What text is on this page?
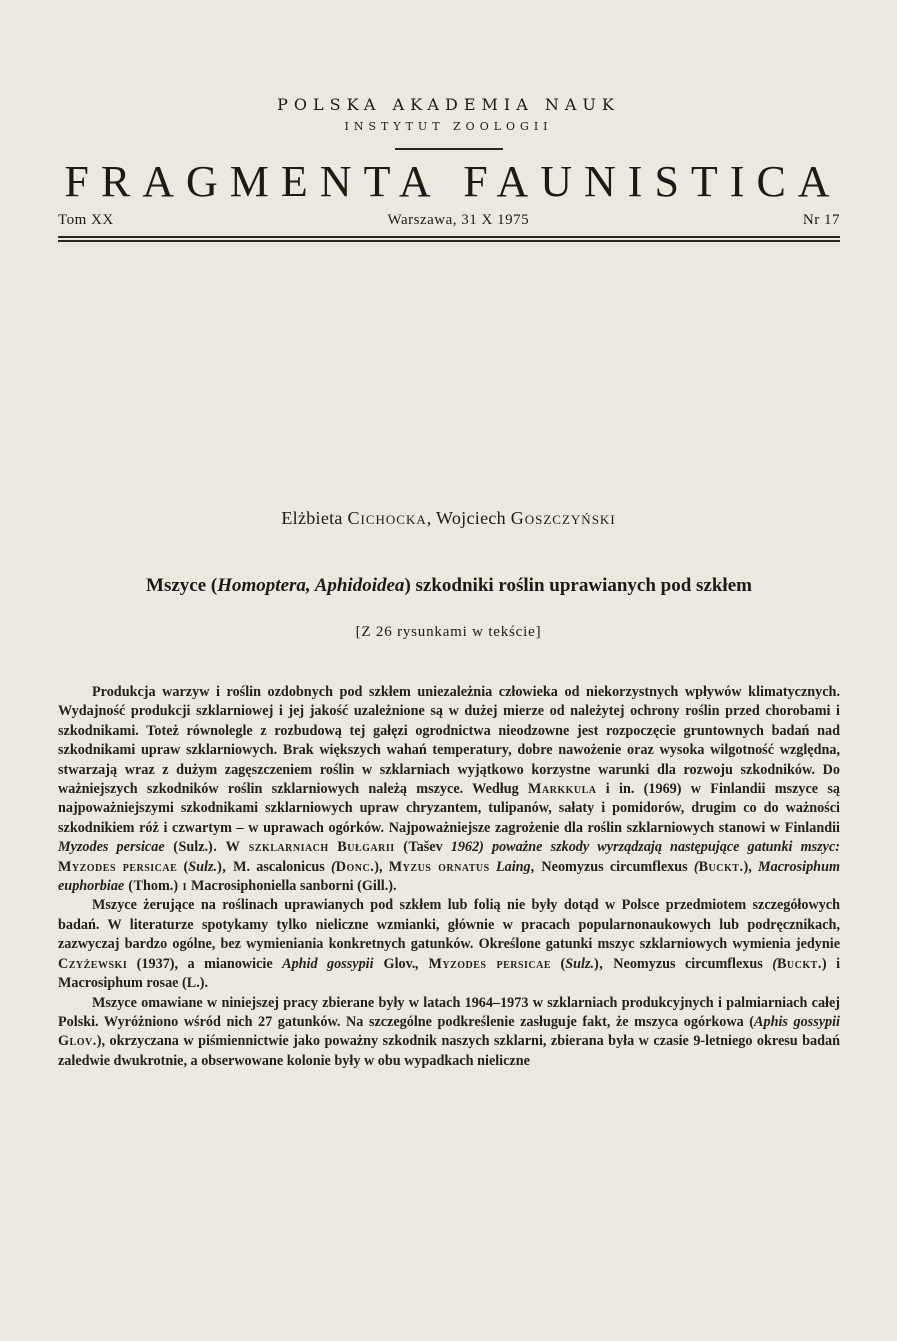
POLSKA AKADEMIA NAUK
INSTYTUT ZOOLOGII
FRAGMENTA FAUNISTICA
Tom XX	Warszawa, 31 X 1975	Nr 17
Elżbieta Cichocka, Wojciech Goszczyński
Mszyce (Homoptera, Aphidoidea) szkodniki roślin uprawianych pod szkłem
[Z 26 rysunkami w tekście]

Produkcja warzyw i roślin ozdobnych pod szkłem uniezależnia człowieka od niekorzystnych wpływów klimatycznych. Wydajność produkcji szklarniowej i jej jakość uzależnione są w dużej mierze od należytej ochrony roślin przed chorobami i szkodnikami. Toteż równolegle z rozbudową tej gałęzi ogrodnictwa nieodzowne jest rozpoczęcie gruntownych badań nad szkodnikami upraw szklarniowych. Brak większych wahań temperatury, dobre nawożenie oraz wysoka wilgotność względna, stwarzają wraz z dużym zagęszczeniem roślin w szklarniach wyjątkowo korzystne warunki dla rozwoju szkodników. Do ważniejszych szkodników roślin szklarniowych należą mszyce. Według Markkula i in. (1969) w Finlandii mszyce są najpoważniejszymi szkodnikami szklarniowych upraw chryzantem, tulipanów, sałaty i pomidorów, drugim co do ważności szkodnikiem róż i czwartym – w uprawach ogórków. Najpoważniejsze zagrożenie dla roślin szklarniowych stanowi w Finlandii Myzodes persicae (Sulz.). W szklarniach Bułgarii (Tašev 1962) poważne szkody wyrządzają następujące gatunki mszyc: Myzodes persicae (Sulz.), M. ascalonicus (Donc.), Myzus ornatus Laing, Neomyzus circumflexus (Buckt.), Macrosiphum euphorbiae (Thom.) i Macrosiphoniella sanborni (Gill.).

Mszyce żerujące na roślinach uprawianych pod szkłem lub folią nie były dotąd w Polsce przedmiotem szczegółowych badań. W literaturze spotykamy tylko nieliczne wzmianki, głównie w pracach popularnonaukowych lub podręcznikach, zazwyczaj bardzo ogólne, bez wymieniania konkretnych gatunków. Określone gatunki mszyc szklarniowych wymienia jedynie Czyżewski (1937), a mianowicie Aphid gossypii Glov., Myzodes persicae (Sulz.), Neomyzus circumflexus (Buckt.) i Macrosiphum rosae (L.).

Mszyce omawiane w niniejszej pracy zbierane były w latach 1964–1973 w szklarniach produkcyjnych i palmiarniach całej Polski. Wyróżniono wśród nich 27 gatunków. Na szczególne podkreślenie zasługuje fakt, że mszyca ogórkowa (Aphis gossypii Glov.), okrzyczana w piśmiennictwie jako poważny szkodnik naszych szklarni, zbierana była w czasie 9-letniego okresu badań zaledwie dwukrotnie, a obserwowane kolonie były w obu wypadkach nieliczne
